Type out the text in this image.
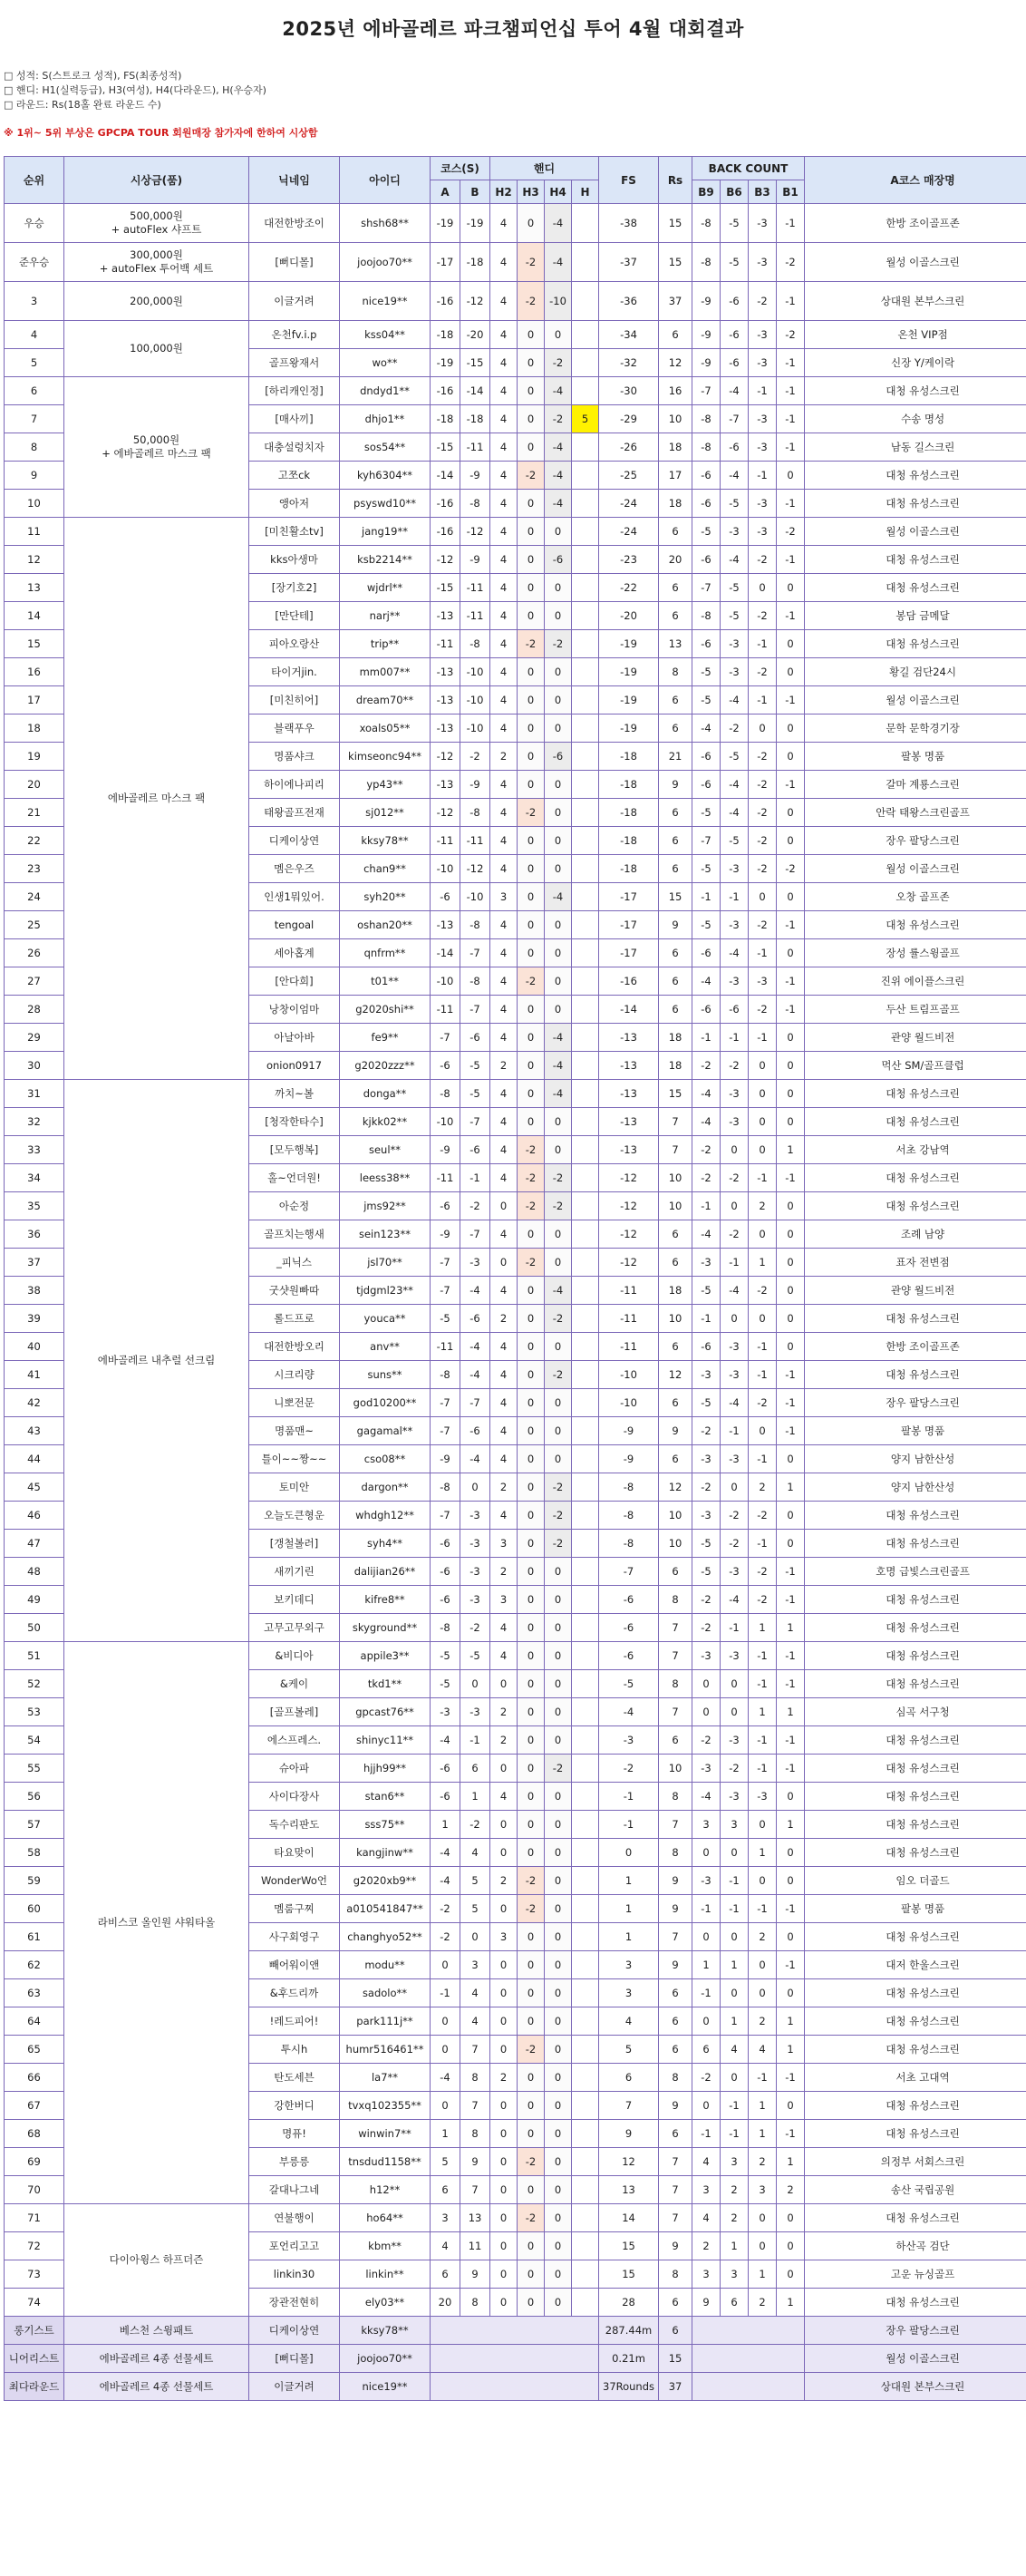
2025년 에바골레르 파크챔피언십 투어 4월 대회결과
□ 성적: S(스트로크 성적), FS(최종성적)
□ 핸디: H1(실력등급), H3(여성), H4(다라운드), H(우승자)
□ 라운드: Rs(18홀 완료 라운드 수)
※ 1위~ 5위 부상은 GPCPA TOUR 회원매장 참가자에 한하여 시상함
순위	시상금(품)	닉네임	아이디	코스(S)		핸디				FS	Rs	BACK COUNT				A코스 매장명
				A	B	H2	H3	H4	H			B9	B6	B3	B1	
우승	500,000원
+ autoFlex 샤프트	대전한방조이	shsh68**	-19	-19	4	0	-4		-38	15	-8	-5	-3	-1	한방 조이골프존
준우승	300,000원
+ autoFlex 투어백 세트	[뻐디몰]	joojoo70**	-17	-18	4	-2	-4		-37	15	-8	-5	-3	-2	월성 이골스크린
3	200,000원	이글거려	nice19**	-16	-12	4	-2	-10		-36	37	-9	-6	-2	-1	상대원 본부스크린
4	100,000원	온천fv.i.p	kss04**	-18	-20	4	0	0		-34	6	-9	-6	-3	-2	온천 VIP점
5		골프왕재서	wo**	-19	-15	4	0	-2		-32	12	-9	-6	-3	-1	신장 Y/케이락
6	50,000원
+ 에바골레르 마스크 팩	[하리캐인정]	dndyd1**	-16	-14	4	0	-4		-30	16	-7	-4	-1	-1	대청 유성스크린
7		[매사끼]	dhjo1**	-18	-18	4	0	-2	5	-29	10	-8	-7	-3	-1	수송 명성
8		대충설렁치자	sos54**	-15	-11	4	0	-4		-26	18	-8	-6	-3	-1	남동 길스크린
9		고쪼ck	kyh6304**	-14	-9	4	-2	-4		-25	17	-6	-4	-1	0	대청 유성스크린
10		앵아저	psyswd10**	-16	-8	4	0	-4		-24	18	-6	-5	-3	-1	대청 유성스크린
11	에바골레르 마스크 팩	[미친활소tv]	jang19**	-16	-12	4	0	0		-24	6	-5	-3	-3	-2	월성 이골스크린
12		kks아생마	ksb2214**	-12	-9	4	0	-6		-23	20	-6	-4	-2	-1	대청 유성스크린
13		[장기호2]	wjdrl**	-15	-11	4	0	0		-22	6	-7	-5	0	0	대청 유성스크린
14		[만단테]	narj**	-13	-11	4	0	0		-20	6	-8	-5	-2	-1	봉담 금메달
15		피아오랑산	trip**	-11	-8	4	-2	-2		-19	13	-6	-3	-1	0	대청 유성스크린
16		타이거jin.	mm007**	-13	-10	4	0	0		-19	8	-5	-3	-2	0	황길 검단24시
17		[미친히어]	dream70**	-13	-10	4	0	0		-19	6	-5	-4	-1	-1	월성 이골스크린
18		블랙푸우	xoals05**	-13	-10	4	0	0		-19	6	-4	-2	0	0	문학 문학경기장
19		명품샤크	kimseonc94**	-12	-2	2	0	-6		-18	21	-6	-5	-2	0	팔봉 명품
20		하이에나피리	yp43**	-13	-9	4	0	0		-18	9	-6	-4	-2	-1	갈마 계룡스크린
21		태왕골프전재	sj012**	-12	-8	4	-2	0		-18	6	-5	-4	-2	0	안락 태왕스크린골프
22		디케이상연	kksy78**	-11	-11	4	0	0		-18	6	-7	-5	-2	0	장우 팔당스크린
23		멤은우즈	chan9**	-10	-12	4	0	0		-18	6	-5	-3	-2	-2	월성 이골스크린
24		인생1뭐있어.	syh20**	-6	-10	3	0	-4		-17	15	-1	-1	0	0	오창 골프존
25		tengoal	oshan20**	-13	-8	4	0	0		-17	9	-5	-3	-2	-1	대청 유성스크린
26		세아홉계	qnfrm**	-14	-7	4	0	0		-17	6	-6	-4	-1	0	장성 률스윙골프
27		[안다희]	t01**	-10	-8	4	-2	0		-16	6	-4	-3	-3	-1	진위 에이플스크린
28		낭창이엄마	g2020shi**	-11	-7	4	0	0		-14	6	-6	-6	-2	-1	두산 트림프골프
29		아날아바	fe9**	-7	-6	4	0	-4		-13	18	-1	-1	-1	0	관양 월드비전
30		onion0917	g2020zzz**	-6	-5	2	0	-4		-13	18	-2	-2	0	0	먹산 SM/골프클럽
31	에바골레르 내추럴 선크림	까치~볼	donga**	-8	-5	4	0	-4		-13	15	-4	-3	0	0	대청 유성스크린
32		[청작한타수]	kjkk02**	-10	-7	4	0	0		-13	7	-4	-3	0	0	대청 유성스크린
33		[모두행복]	seul**	-9	-6	4	-2	0		-13	7	-2	0	0	1	서초 강남역
34		홀~언더원!	leess38**	-11	-1	4	-2	-2		-12	10	-2	-2	-1	-1	대청 유성스크린
35		아순정	jms92**	-6	-2	0	-2	-2		-12	10	-1	0	2	0	대청 유성스크린
36		골프치는행새	sein123**	-9	-7	4	0	0		-12	6	-4	-2	0	0	조례 남양
37		_피닉스	jsl70**	-7	-3	0	-2	0		-12	6	-3	-1	1	0	표자 전변점
38		굿샷원빠따	tjdgml23**	-7	-4	4	0	-4		-11	18	-5	-4	-2	0	관양 월드비전
39		롤드프로	youca**	-5	-6	2	0	-2		-11	10	-1	0	0	0	대청 유성스크린
40		대전한방오리	anv**	-11	-4	4	0	0		-11	6	-6	-3	-1	0	한방 조이골프존
41		시크리량	suns**	-8	-4	4	0	-2		-10	12	-3	-3	-1	-1	대청 유성스크린
42		니뽀전문	god10200**	-7	-7	4	0	0		-10	6	-5	-4	-2	-1	장우 팔당스크린
43		명품맨~	gagamal**	-7	-6	4	0	0		-9	9	-2	-1	0	-1	팔봉 명품
44		틀이~~짱~~	cso08**	-9	-4	4	0	0		-9	6	-3	-3	-1	0	양지 남한산성
45		토미안	dargon**	-8	0	2	0	-2		-8	12	-2	0	2	1	양지 남한산성
46		오늘도큰형운	whdgh12**	-7	-3	4	0	-2		-8	10	-3	-2	-2	0	대청 유성스크린
47		[갱철볼러]	syh4**	-6	-3	3	0	-2		-8	10	-5	-2	-1	0	대청 유성스크린
48		새끼기린	dalijian26**	-6	-3	2	0	0		-7	6	-5	-3	-2	-1	호명 급빛스크린골프
49		보키데디	kifre8**	-6	-3	3	0	0		-6	8	-2	-4	-2	-1	대청 유성스크린
50		고무고무외구	skyground**	-8	-2	4	0	0		-6	7	-2	-1	1	1	대청 유성스크린
51	라비스코 올인원 샤워타올	&비디아	appile3**	-5	-5	4	0	0		-6	7	-3	-3	-1	-1	대청 유성스크린
52		&케이	tkd1**	-5	0	0	0	0		-5	8	0	0	-1	-1	대청 유성스크린
53		[골프볼레]	gpcast76**	-3	-3	2	0	0		-4	7	0	0	1	1	심곡 서구청
54		에스프레스.	shinyc11**	-4	-1	2	0	0		-3	6	-2	-3	-1	-1	대청 유성스크린
55		슈아파	hjjh99**	-6	6	0	0	-2		-2	10	-3	-2	-1	-1	대청 유성스크린
56		사이다장사	stan6**	-6	1	4	0	0		-1	8	-4	-3	-3	0	대청 유성스크린
57		독수리판도	sss75**	1	-2	0	0	0		-1	7	3	3	0	1	대청 유성스크린
58		타요맞이	kangjinw**	-4	4	0	0	0		0	8	0	0	1	0	대청 유성스크린
59		WonderWo언	g2020xb9**	-4	5	2	-2	0		1	9	-3	-1	0	0	임오 더골드
60		멤룸구찌	a010541847**	-2	5	0	-2	0		1	9	-1	-1	-1	-1	팔봉 명품
61		사구회영구	changhyo52**	-2	0	3	0	0		1	7	0	0	2	0	대청 유성스크린
62		빼어워이앤	modu**	0	3	0	0	0		3	9	1	1	0	-1	대저 한울스크린
63		&후드리까	sadolo**	-1	4	0	0	0		3	6	-1	0	0	0	대청 유성스크린
64		!레드피어!	park111j**	0	4	0	0	0		4	6	0	1	2	1	대청 유성스크린
65		투시h	humr516461**	0	7	0	-2	0		5	6	6	4	4	1	대청 유성스크린
66		탄도세븐	la7**	-4	8	2	0	0		6	8	-2	0	-1	-1	서초 고대역
67		강한버디	tvxq102355**	0	7	0	0	0		7	9	0	-1	1	0	대청 유성스크린
68		명퓨!	winwin7**	1	8	0	0	0		9	6	-1	-1	1	-1	대청 유성스크린
69		부릉릉	tnsdud1158**	5	9	0	-2	0		12	7	4	3	2	1	의정부 서회스크린
70		갈대나그네	h12**	6	7	0	0	0		13	7	3	2	3	2	송산 국립공원
71	다이아윙스 하프더즌	연불행이	ho64**	3	13	0	-2	0		14	7	4	2	0	0	대청 유성스크린
72		포언리고고	kbm**	4	11	0	0	0		15	9	2	1	0	0	하산곡 검단
73		linkin30	linkin**	6	9	0	0	0		15	8	3	3	1	0	고운 뉴싱골프
74		장관전현히	ely03**	20	8	0	0	0		28	6	9	6	2	1	대청 유성스크린
롱기스트	베스천 스윙패트	디케이상연	kksy78**							287.44m	6					장우 팔당스크린
니어리스트	에바골레르 4종 선물세트	[뻐디몰]	joojoo70**							0.21m	15					월성 이골스크린
최다라운드	에바골레르 4종 선물세트	이글거려	nice19**							37Rounds	37					상대원 본부스크린
